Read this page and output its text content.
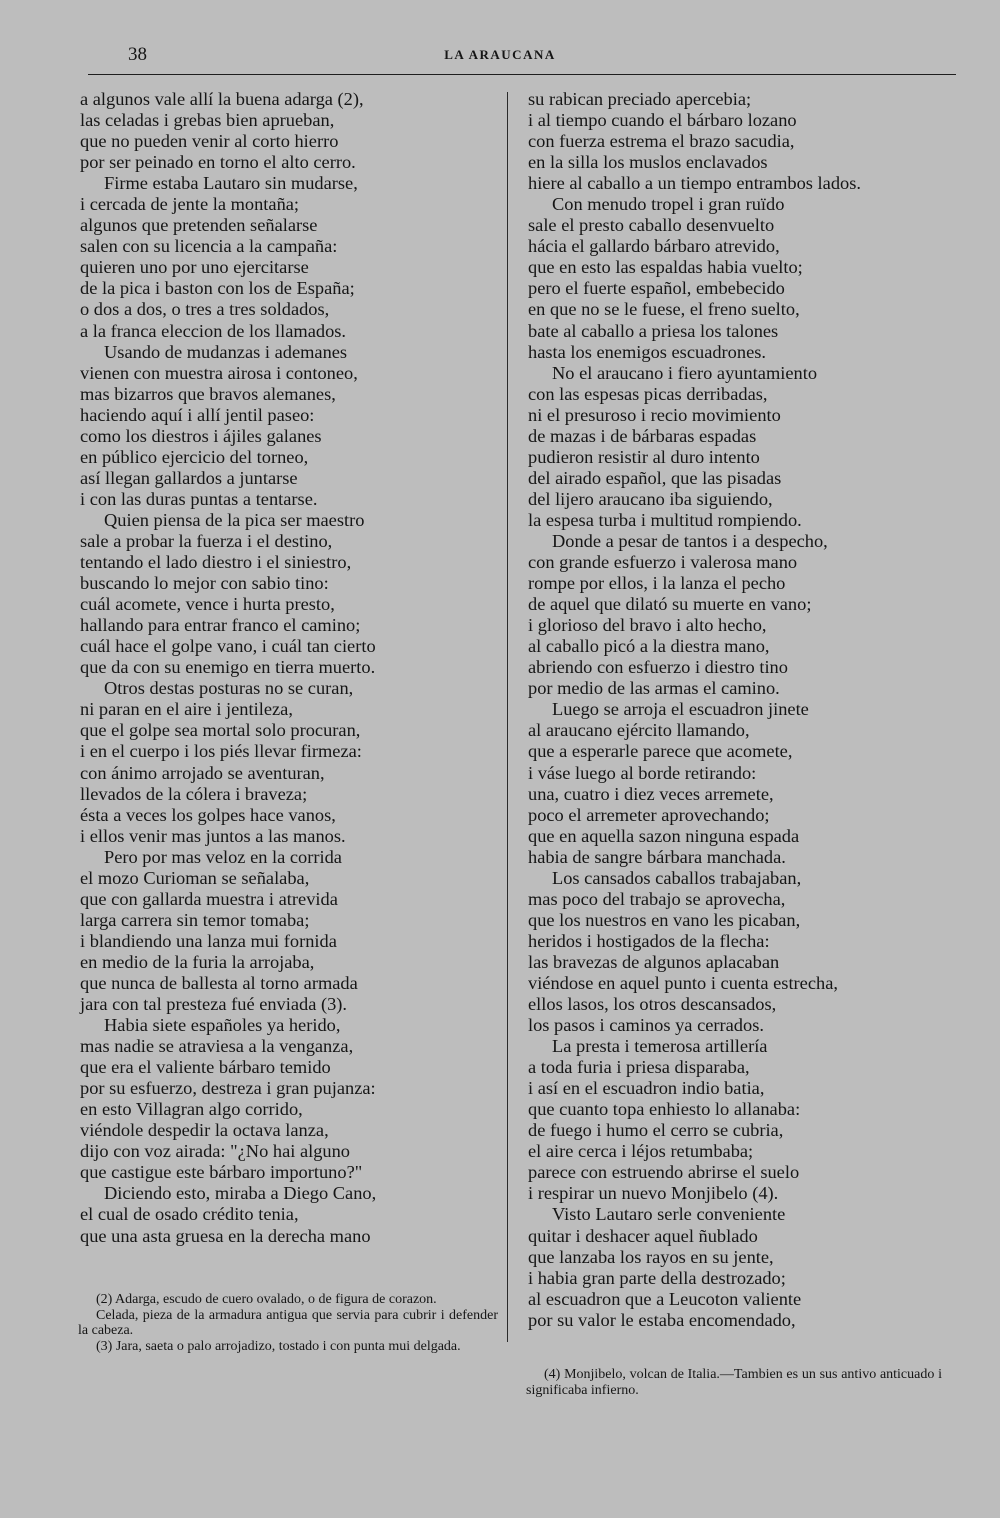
38	LA ARAUCANA
a algunos vale allí la buena adarga (2),
las celadas i grebas bien aprueban,
que no pueden venir al corto hierro
por ser peinado en torno el alto cerro.
Firme estaba Lautaro sin mudarse,
i cercada de jente la montaña;
algunos que pretenden señalarse
salen con su licencia a la campaña:
quieren uno por uno ejercitarse
de la pica i baston con los de España;
o dos a dos, o tres a tres soldados,
a la franca eleccion de los llamados.
Usando de mudanzas i ademanes
vienen con muestra airosa i contoneo,
mas bizarros que bravos alemanes,
haciendo aquí i allí jentil paseo:
como los diestros i ájiles galanes
en público ejercicio del torneo,
así llegan gallardos a juntarse
i con las duras puntas a tentarse.
Quien piensa de la pica ser maestro
sale a probar la fuerza i el destino,
tentando el lado diestro i el siniestro,
buscando lo mejor con sabio tino:
cuál acomete, vence i hurta presto,
hallando para entrar franco el camino;
cuál hace el golpe vano, i cuál tan cierto
que da con su enemigo en tierra muerto.
Otros destas posturas no se curan,
ni paran en el aire i jentileza,
que el golpe sea mortal solo procuran,
i en el cuerpo i los piés llevar firmeza:
con ánimo arrojado se aventuran,
llevados de la cólera i braveza;
ésta a veces los golpes hace vanos,
i ellos venir mas juntos a las manos.
Pero por mas veloz en la corrida
el mozo Curioman se señalaba,
que con gallarda muestra i atrevida
larga carrera sin temor tomaba;
i blandiendo una lanza mui fornida
en medio de la furia la arrojaba,
que nunca de ballesta al torno armada
jara con tal presteza fué enviada (3).
Habia siete españoles ya herido,
mas nadie se atraviesa a la venganza,
que era el valiente bárbaro temido
por su esfuerzo, destreza i gran pujanza:
en esto Villagran algo corrido,
viéndole despedir la octava lanza,
dijo con voz airada: "¿No hai alguno
que castigue este bárbaro importuno?"
Diciendo esto, miraba a Diego Cano,
el cual de osado crédito tenia,
que una asta gruesa en la derecha mano
su rabican preciado apercebia;
i al tiempo cuando el bárbaro lozano
con fuerza estrema el brazo sacudia,
en la silla los muslos enclavados
hiere al caballo a un tiempo entrambos lados.
Con menudo tropel i gran ruïdo
sale el presto caballo desenvuelto
hácia el gallardo bárbaro atrevido,
que en esto las espaldas habia vuelto;
pero el fuerte español, embebecido
en que no se le fuese, el freno suelto,
bate al caballo a priesa los talones
hasta los enemigos escuadrones.
No el araucano i fiero ayuntamiento
con las espesas picas derribadas,
ni el presuroso i recio movimiento
de mazas i de bárbaras espadas
pudieron resistir al duro intento
del airado español, que las pisadas
del lijero araucano iba siguiendo,
la espesa turba i multitud rompiendo.
Donde a pesar de tantos i a despecho,
con grande esfuerzo i valerosa mano
rompe por ellos, i la lanza el pecho
de aquel que dilató su muerte en vano;
i glorioso del bravo i alto hecho,
al caballo picó a la diestra mano,
abriendo con esfuerzo i diestro tino
por medio de las armas el camino.
Luego se arroja el escuadron jinete
al araucano ejército llamando,
que a esperarle parece que acomete,
i váse luego al borde retirando:
una, cuatro i diez veces arremete,
poco el arremeter aprovechando;
que en aquella sazon ninguna espada
habia de sangre bárbara manchada.
Los cansados caballos trabajaban,
mas poco del trabajo se aprovecha,
que los nuestros en vano les picaban,
heridos i hostigados de la flecha:
las bravezas de algunos aplacaban
viéndose en aquel punto i cuenta estrecha,
ellos lasos, los otros descansados,
los pasos i caminos ya cerrados.
La presta i temerosa artillería
a toda furia i priesa disparaba,
i así en el escuadron indio batia,
que cuanto topa enhiesto lo allanaba:
de fuego i humo el cerro se cubria,
el aire cerca i léjos retumbaba;
parece con estruendo abrirse el suelo
i respirar un nuevo Monjibelo (4).
Visto Lautaro serle conveniente
quitar i deshacer aquel ñublado
que lanzaba los rayos en su jente,
i habia gran parte della destrozado;
al escuadron que a Leucoton valiente
por su valor le estaba encomendado,
(2) Adarga, escudo de cuero ovalado, o de figura de corazon.
Celada, pieza de la armadura antigua que servia para cubrir i defender la cabeza.
(3) Jara, saeta o palo arrojadizo, tostado i con punta mui delgada.
(4) Monjibelo, volcan de Italia.—Tambien es un sus antivo anticuado i significaba infierno.
